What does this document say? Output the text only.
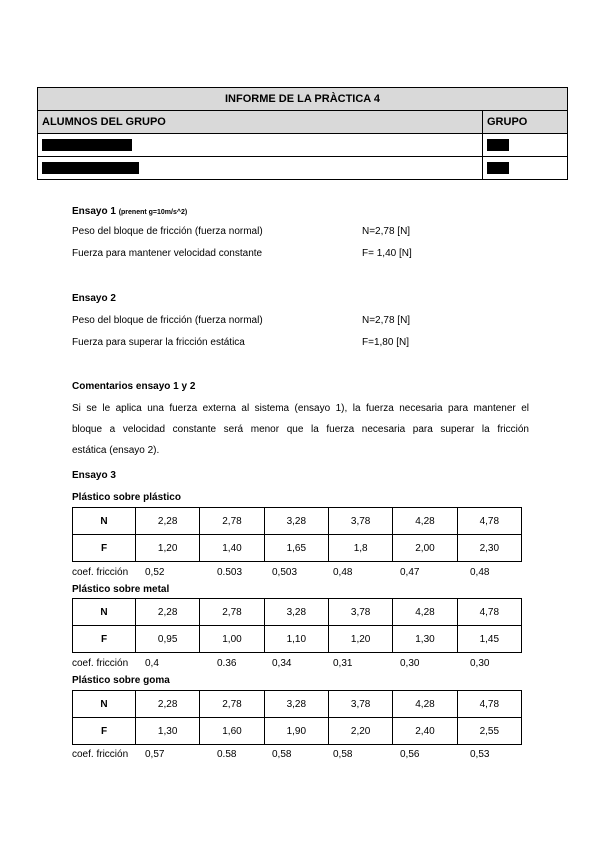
INFORME DE LA PRÀCTICA 4	
ALUMNOS DEL GRUPO	GRUPO

Ensayo 1 (prenent g=10m/s^2)
Peso del bloque de fricción (fuerza normal)	N=2,78 [N]
Fuerza para mantener velocidad constante	F= 1,40 [N]
Ensayo 2
Peso del bloque de fricción (fuerza normal)	N=2,78 [N]
Fuerza para superar la fricción estática	F=1,80 [N]
Comentarios ensayo 1 y 2
Si se le aplica una fuerza externa al sistema (ensayo 1), la fuerza necesaria para mantener el
bloque a velocidad constante será menor que la fuerza necesaria para superar la fricción
estática (ensayo 2).
Ensayo 3
Plástico sobre plástico
N	2,28	2,78	3,28	3,78	4,28	4,78
F	1,20	1,40	1,65	1,8	2,00	2,30
coef. fricción 0,52	0.503	0,503	0,48	0,47	0,48
Plástico sobre metal
N	2,28	2,78	3,28	3,78	4,28	4,78
F	0,95	1,00	1,10	1,20	1,30	1,45
coef. fricción 0,4	0.36	0,34	0,31	0,30	0,30
Plástico sobre goma
N	2,28	2,78	3,28	3,78	4,28	4,78
F	1,30	1,60	1,90	2,20	2,40	2,55
coef. fricción 0,57	0.58	0,58	0,58	0,56	0,53
